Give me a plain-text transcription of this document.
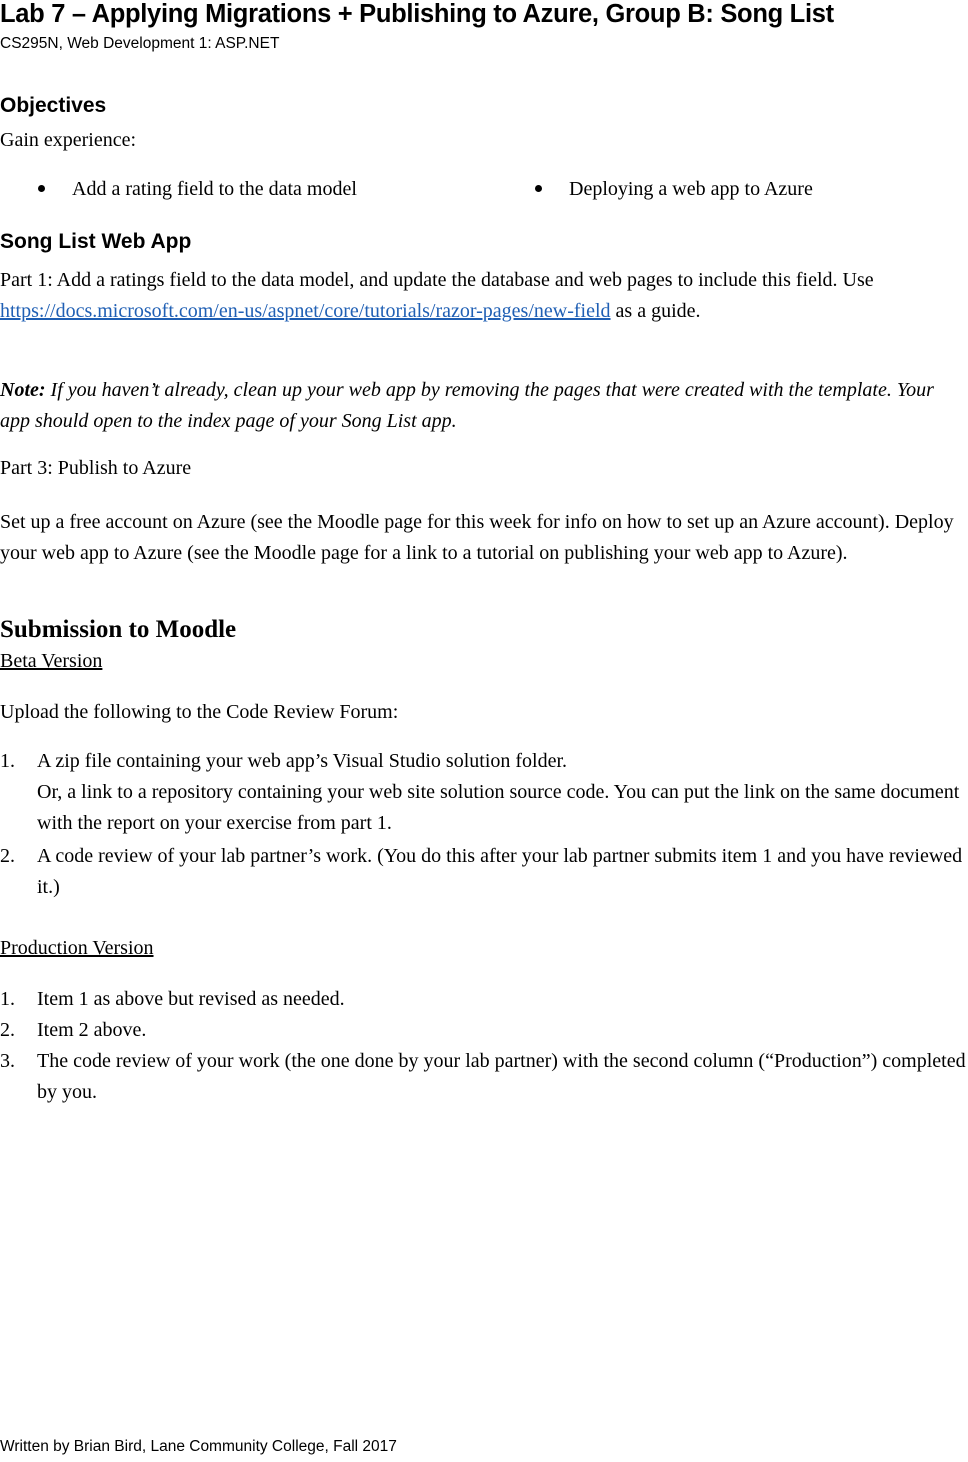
Lab 7 – Applying Migrations + Publishing to Azure, Group B: Song List
CS295N, Web Development 1: ASP.NET
Objectives
Gain experience:
Add a rating field to the data model	Deploying a web app to Azure
Song List Web App

Part 1: Add a ratings field to the data model, and update the database and web pages to include this field. Use https://docs.microsoft.com/en-us/aspnet/core/tutorials/razor-pages/new-field as a guide.

Note: If you haven’t already, clean up your web app by removing the pages that were created with the template. Your app should open to the index page of your Song List app.

Part 3: Publish to Azure

Set up a free account on Azure (see the Moodle page for this week for info on how to set up an Azure account). Deploy your web app to Azure (see the Moodle page for a link to a tutorial on publishing your web app to Azure).

Submission to Moodle
Beta Version

Upload the following to the Code Review Forum:

1. A zip file containing your web app’s Visual Studio solution folder.
Or, a link to a repository containing your web site solution source code. You can put the link on the same document with the report on your exercise from part 1.
2. A code review of your lab partner’s work. (You do this after your lab partner submits item 1 and you have reviewed it.)
Production Version
1. Item 1 as above but revised as needed.
2. Item 2 above.
3. The code review of your work (the one done by your lab partner) with the second column (“Production”) completed by you.
Written by Brian Bird, Lane Community College, Fall 2017
